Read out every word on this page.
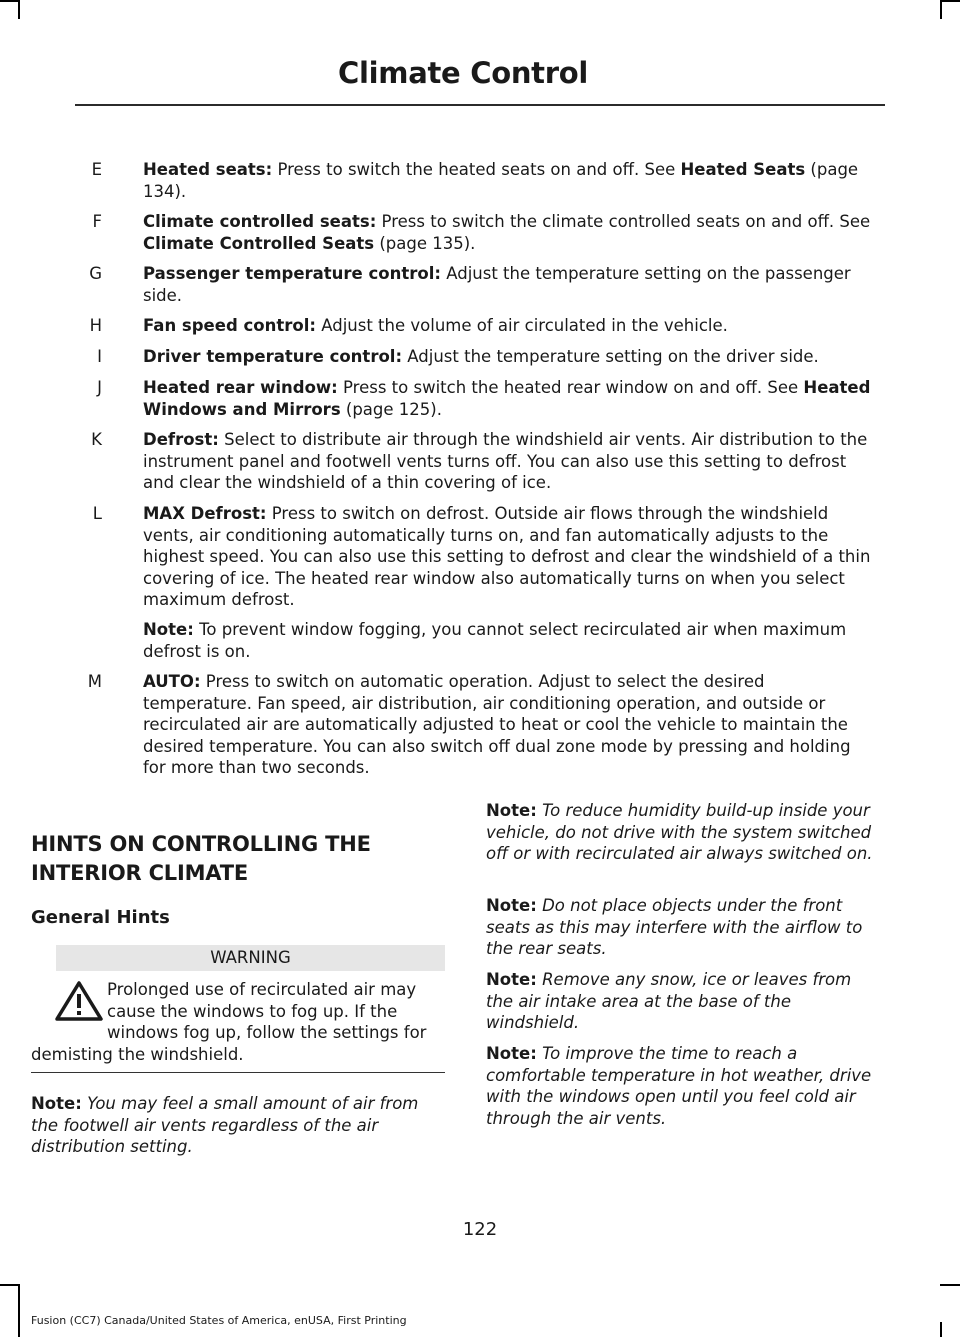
Climate Control
E Heated seats: Press to switch the heated seats on and off. See Heated Seats (page 134).
F Climate controlled seats: Press to switch the climate controlled seats on and off. See Climate Controlled Seats (page 135).
G Passenger temperature control: Adjust the temperature setting on the passenger side.
H Fan speed control: Adjust the volume of air circulated in the vehicle.
I Driver temperature control: Adjust the temperature setting on the driver side.
J Heated rear window: Press to switch the heated rear window on and off. See Heated Windows and Mirrors (page 125).
K Defrost: Select to distribute air through the windshield air vents. Air distribution to the instrument panel and footwell vents turns off. You can also use this setting to defrost and clear the windshield of a thin covering of ice.
L MAX Defrost: Press to switch on defrost. Outside air flows through the windshield vents, air conditioning automatically turns on, and fan automatically adjusts to the highest speed. You can also use this setting to defrost and clear the windshield of a thin covering of ice. The heated rear window also automatically turns on when you select maximum defrost.
Note: To prevent window fogging, you cannot select recirculated air when maximum defrost is on.
M AUTO: Press to switch on automatic operation. Adjust to select the desired temperature. Fan speed, air distribution, air conditioning operation, and outside or recirculated air are automatically adjusted to heat or cool the vehicle to maintain the desired temperature. You can also switch off dual zone mode by pressing and holding for more than two seconds.
HINTS ON CONTROLLING THE
INTERIOR CLIMATE
General Hints
WARNING
Prolonged use of recirculated air may cause the windows to fog up. If the windows fog up, follow the settings for demisting the windshield.
Note: You may feel a small amount of air from the footwell air vents regardless of the air distribution setting.
Note: To reduce humidity build-up inside your vehicle, do not drive with the system switched off or with recirculated air always switched on.
Note: Do not place objects under the front seats as this may interfere with the airflow to the rear seats.
Note: Remove any snow, ice or leaves from the air intake area at the base of the windshield.
Note: To improve the time to reach a comfortable temperature in hot weather, drive with the windows open until you feel cold air through the air vents.
122
Fusion (CC7) Canada/United States of America, enUSA, First Printing
